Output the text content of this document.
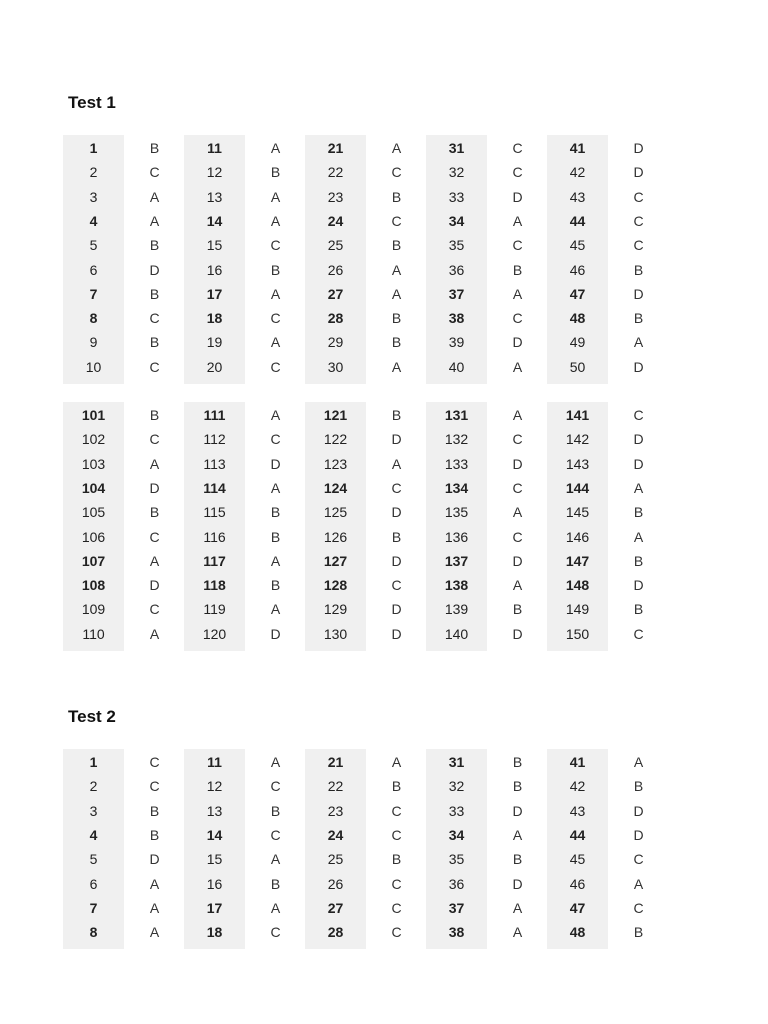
Test 1
1	B	11	A	21	A	31	C	41	D
2	C	12	B	22	C	32	C	42	D
3	A	13	A	23	B	33	D	43	C
4	A	14	A	24	C	34	A	44	C
5	B	15	C	25	B	35	C	45	C
6	D	16	B	26	A	36	B	46	B
7	B	17	A	27	A	37	A	47	D
8	C	18	C	28	B	38	C	48	B
9	B	19	A	29	B	39	D	49	A
10	C	20	C	30	A	40	A	50	D
101	B	111	A	121	B	131	A	141	C
102	C	112	C	122	D	132	C	142	D
103	A	113	D	123	A	133	D	143	D
104	D	114	A	124	C	134	C	144	A
105	B	115	B	125	D	135	A	145	B
106	C	116	B	126	B	136	C	146	A
107	A	117	A	127	D	137	D	147	B
108	D	118	B	128	C	138	A	148	D
109	C	119	A	129	D	139	B	149	B
110	A	120	D	130	D	140	D	150	C
Test 2
1	C	11	A	21	A	31	B	41	A
2	C	12	C	22	B	32	B	42	B
3	B	13	B	23	C	33	D	43	D
4	B	14	C	24	C	34	A	44	D
5	D	15	A	25	B	35	B	45	C
6	A	16	B	26	C	36	D	46	A
7	A	17	A	27	C	37	A	47	C
8	A	18	C	28	C	38	A	48	B
